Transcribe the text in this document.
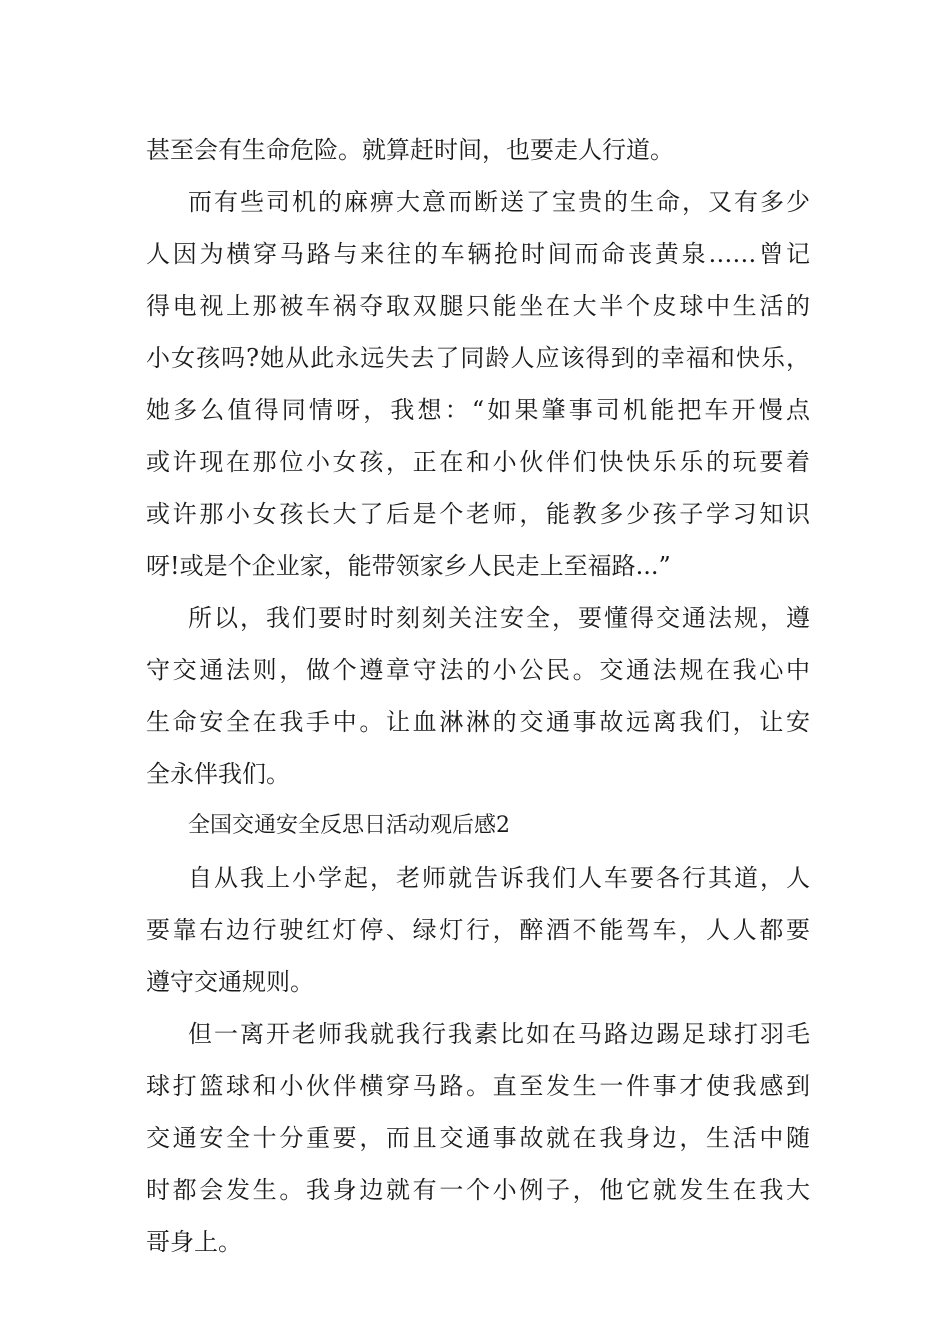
甚至会有生命危险。就算赶时间，也要走人行道。
而有些司机的麻痹大意而断送了宝贵的生命，又有多少
人因为横穿马路与来往的车辆抢时间而命丧黄泉……曾记
得电视上那被车祸夺取双腿只能坐在大半个皮球中生活的
小女孩吗?她从此永远失去了同龄人应该得到的幸福和快乐，
她多么值得同情呀，我想：“如果肇事司机能把车开慢点
或许现在那位小女孩，正在和小伙伴们快快乐乐的玩要着
或许那小女孩长大了后是个老师，能教多少孩子学习知识
呀!或是个企业家，能带领家乡人民走上至福路...”
所以，我们要时时刻刻关注安全，要懂得交通法规，遵
守交通法则，做个遵章守法的小公民。交通法规在我心中
生命安全在我手中。让血淋淋的交通事故远离我们，让安
全永伴我们。
全国交通安全反思日活动观后感2
自从我上小学起，老师就告诉我们人车要各行其道，人
要靠右边行驶红灯停、绿灯行，醉酒不能驾车，人人都要
遵守交通规则。
但一离开老师我就我行我素比如在马路边踢足球打羽毛
球打篮球和小伙伴横穿马路。直至发生一件事才使我感到
交通安全十分重要，而且交通事故就在我身边，生活中随
时都会发生。我身边就有一个小例子，他它就发生在我大
哥身上。
